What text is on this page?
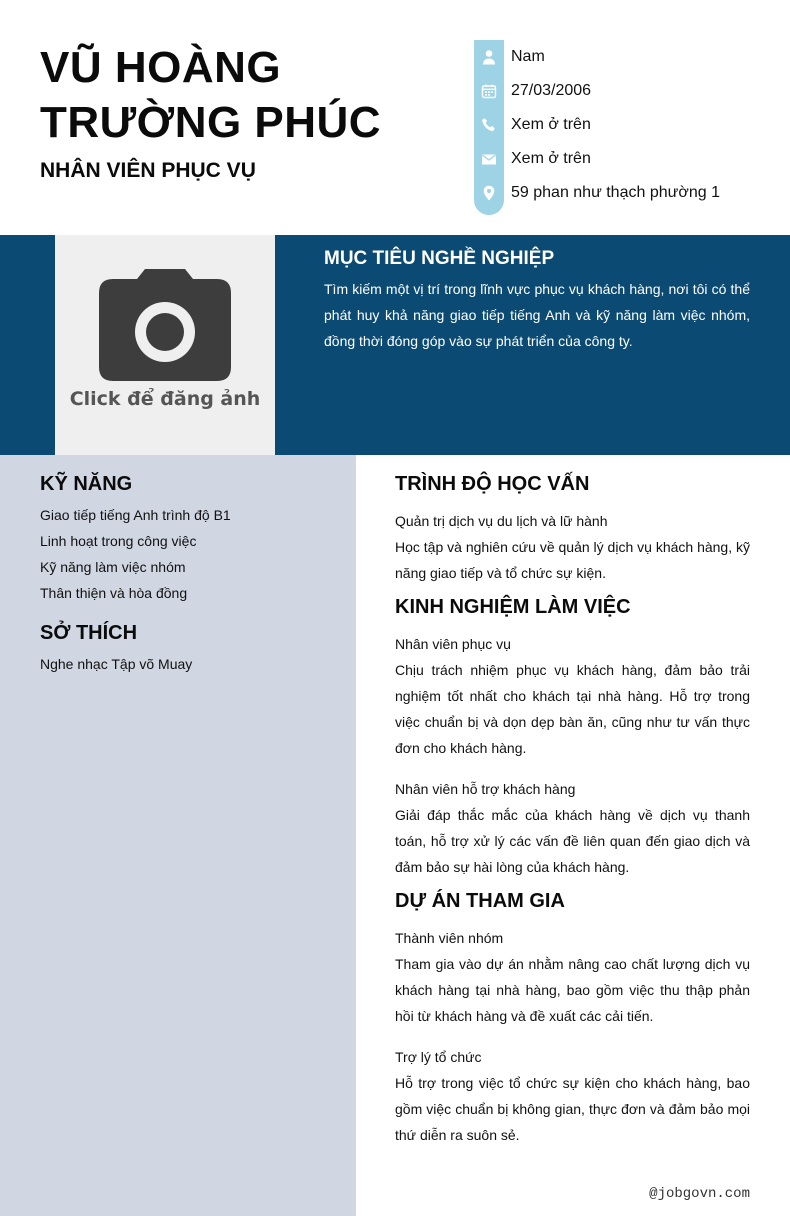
VŨ HOÀNG
TRƯỜNG PHÚC
NHÂN VIÊN PHỤC VỤ
Nam
27/03/2006
Xem ở trên
Xem ở trên
59 phan như thạch phường 1
Click để đăng ảnh
MỤC TIÊU NGHỀ NGHIỆP

Tìm kiếm một vị trí trong lĩnh vực phục vụ khách hàng, nơi tôi có thể phát huy khả năng giao tiếp tiếng Anh và kỹ năng làm việc nhóm, đồng thời đóng góp vào sự phát triển của công ty.

KỸ NĂNG
Giao tiếp tiếng Anh trình độ B1
Linh hoạt trong công việc
Kỹ năng làm việc nhóm
Thân thiện và hòa đồng
SỞ THÍCH
Nghe nhạc Tập võ Muay
TRÌNH ĐỘ HỌC VẤN
Quản trị dịch vụ du lịch và lữ hành
Học tập và nghiên cứu về quản lý dịch vụ khách hàng, kỹ năng giao tiếp và tổ chức sự kiện.
KINH NGHIỆM LÀM VIỆC
Nhân viên phục vụ
Chịu trách nhiệm phục vụ khách hàng, đảm bảo trải nghiệm tốt nhất cho khách tại nhà hàng. Hỗ trợ trong việc chuẩn bị và dọn dẹp bàn ăn, cũng như tư vấn thực đơn cho khách hàng.
Nhân viên hỗ trợ khách hàng
Giải đáp thắc mắc của khách hàng về dịch vụ thanh toán, hỗ trợ xử lý các vấn đề liên quan đến giao dịch và đảm bảo sự hài lòng của khách hàng.
DỰ ÁN THAM GIA
Thành viên nhóm
Tham gia vào dự án nhằm nâng cao chất lượng dịch vụ khách hàng tại nhà hàng, bao gồm việc thu thập phản hồi từ khách hàng và đề xuất các cải tiến.
Trợ lý tổ chức
Hỗ trợ trong việc tổ chức sự kiện cho khách hàng, bao gồm việc chuẩn bị không gian, thực đơn và đảm bảo mọi thứ diễn ra suôn sẻ.
@jobgovn.com
